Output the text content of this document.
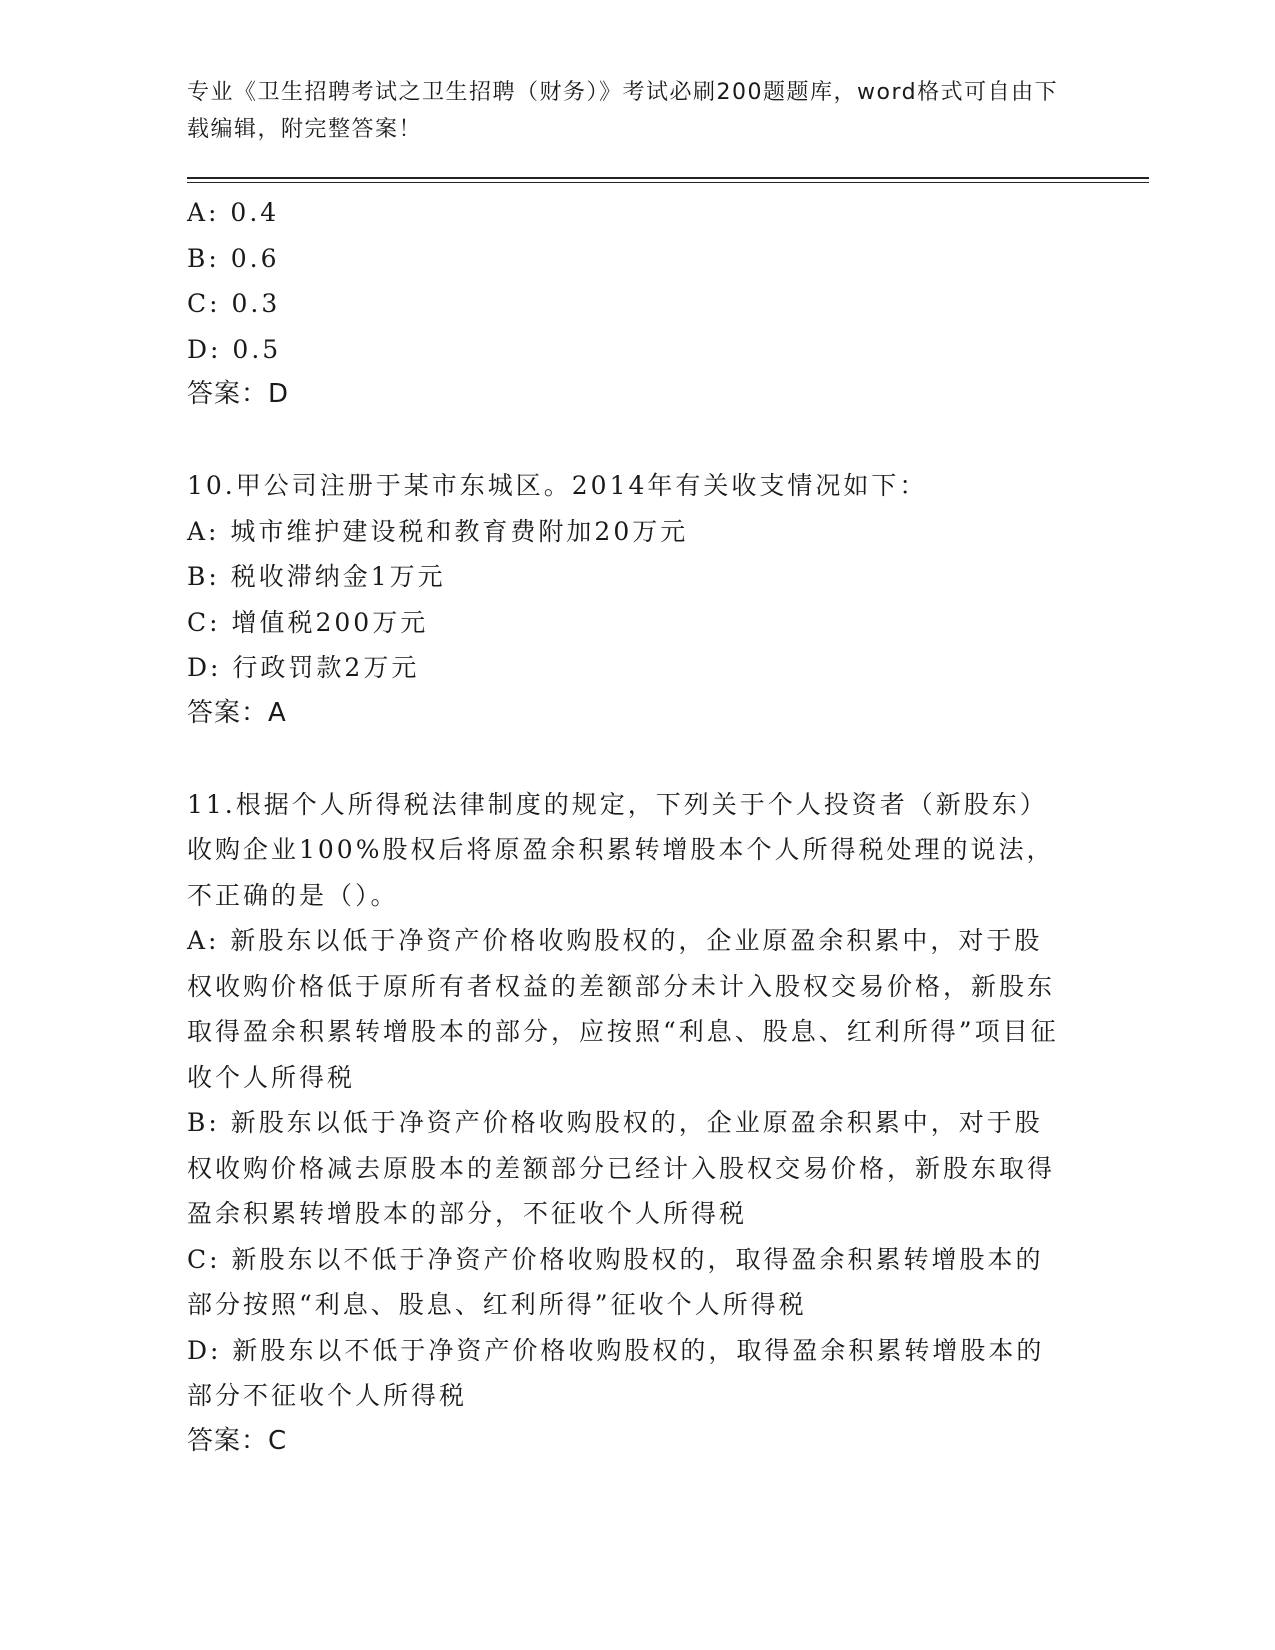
专业《卫生招聘考试之卫生招聘（财务）》考试必刷200题题库，word格式可自由下载编辑，附完整答案！

A: 0.4

B: 0.6

C: 0.3

D: 0.5

答案：D

10.甲公司注册于某市东城区。2014年有关收支情况如下：

A: 城市维护建设税和教育费附加20万元

B: 税收滞纳金1万元

C: 增值税200万元

D: 行政罚款2万元

答案：A

11.根据个人所得税法律制度的规定，下列关于个人投资者（新股东）收购企业100%股权后将原盈余积累转增股本个人所得税处理的说法，不正确的是（）。

A: 新股东以低于净资产价格收购股权的，企业原盈余积累中，对于股权收购价格低于原所有者权益的差额部分未计入股权交易价格，新股东取得盈余积累转增股本的部分，应按照“利息、股息、红利所得”项目征收个人所得税

B: 新股东以低于净资产价格收购股权的，企业原盈余积累中，对于股权收购价格减去原股本的差额部分已经计入股权交易价格，新股东取得盈余积累转增股本的部分，不征收个人所得税

C: 新股东以不低于净资产价格收购股权的，取得盈余积累转增股本的部分按照“利息、股息、红利所得”征收个人所得税

D: 新股东以不低于净资产价格收购股权的，取得盈余积累转增股本的部分不征收个人所得税

答案：C
